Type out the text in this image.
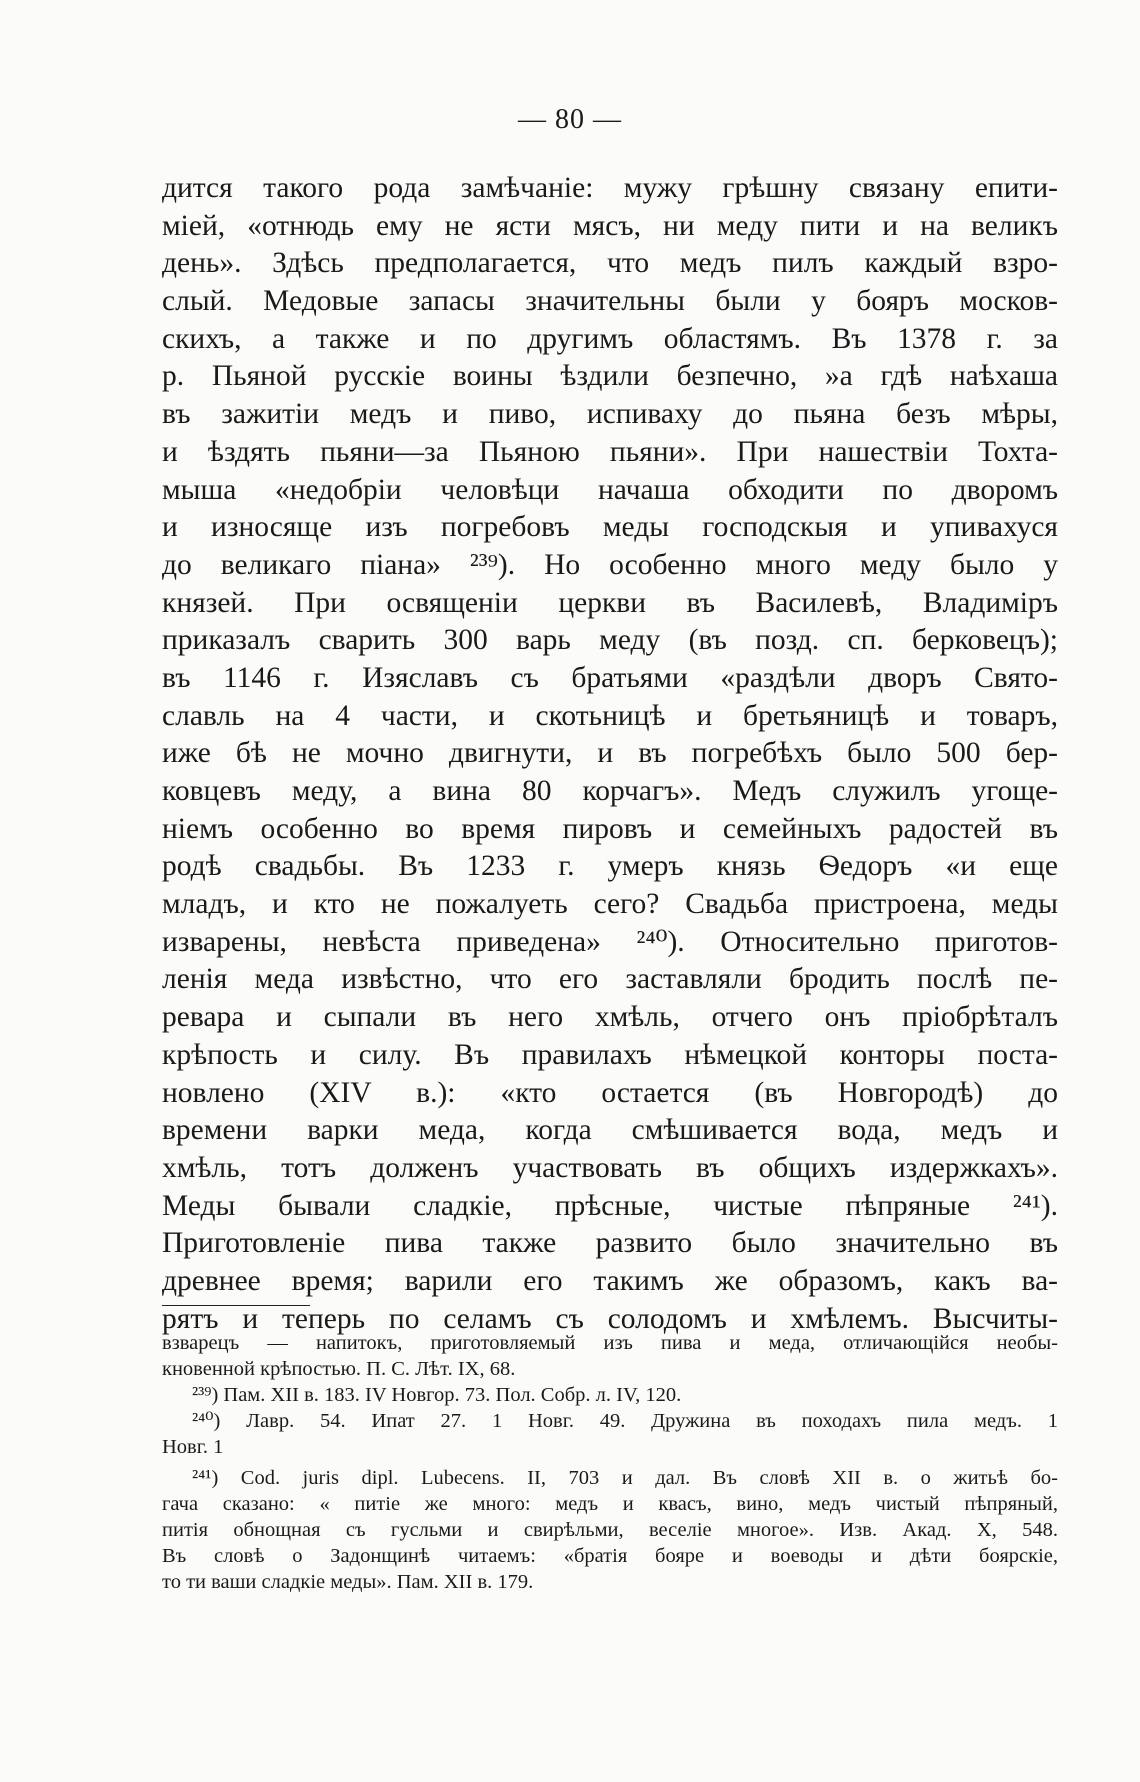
— 80 —
дится такого рода замѣчаніе: мужу грѣшну связану епити-
міей, «отнюдь ему не ясти мясъ, ни меду пити и на великъ
день». Здѣсь предполагается, что медъ пилъ каждый взро-
слый. Медовые запасы значительны были у бояръ москов-
скихъ, а также и по другимъ областямъ. Въ 1378 г. за
р. Пьяной русскіе воины ѣздили безпечно, »а гдѣ наѣхаша
въ зажитіи медъ и пиво, испиваху до пьяна безъ мѣры,
и ѣздять пьяни—за Пьяною пьяни». При нашествіи Тохта-
мыша «недобріи человѣци начаша обходити по дворомъ
и износяще изъ погребовъ меды господскыя и упивахуся
до великаго піана» ²³⁹). Но особенно много меду было у
князей. При освященіи церкви въ Василевѣ, Владиміръ
приказалъ сварить 300 варь меду (въ позд. сп. берковецъ);
въ 1146 г. Изяславъ съ братьями «раздѣли дворъ Свято-
славль на 4 части, и скотьницѣ и бретьяницѣ и товаръ,
иже бѣ не мочно двигнути, и въ погребѣхъ было 500 бер-
ковцевъ меду, а вина 80 корчагъ». Медъ служилъ угоще-
ніемъ особенно во время пировъ и семейныхъ радостей въ
родѣ свадьбы. Въ 1233 г. умеръ князь Ѳедоръ «и еще
младъ, и кто не пожалуеть сего? Свадьба пристроена, меды
изварены, невѣста приведена» ²⁴⁰). Относительно приготов-
ленія меда извѣстно, что его заставляли бродить послѣ пе-
ревара и сыпали въ него хмѣль, отчего онъ пріобрѣталъ
крѣпость и силу. Въ правилахъ нѣмецкой конторы поста-
новлено (XIV в.): «кто остается (въ Новгородѣ) до
времени варки меда, когда смѣшивается вода, медъ и
хмѣль, тотъ долженъ участвовать въ общихъ издержкахъ».
Меды бывали сладкіе, прѣсные, чистые пѣпряные ²⁴¹).
Приготовленіе пива также развито было значительно въ
древнее время; варили его такимъ же образомъ, какъ ва-
рятъ и теперь по селамъ съ солодомъ и хмѣлемъ. Высчиты-
взварецъ — напитокъ, приготовляемый изъ пива и меда, отличающійся необы-
кновенной крѣпостью. П. С. Лѣт. IX, 68.
²³⁹) Пам. XII в. 183. IV Новгор. 73. Пол. Собр. л. IV, 120.
²⁴⁰) Лавр. 54. Ипат 27. 1 Новг. 49. Дружина въ походахъ пила медъ. 1
Новг. 1
²⁴¹) Cod. juris dipl. Lubecens. II, 703 и дал. Въ словѣ XII в. о житьѣ бо-
гача сказано: « питіе же много: медъ и квасъ, вино, медъ чистый пѣпряный,
питія обнощная съ гусльми и свирѣльми, веселіе многое». Изв. Акад. X, 548.
Въ словѣ о Задонщинѣ читаемъ: «братія бояре и воеводы и дѣти боярскіе,
то ти ваши сладкіе меды». Пам. XII в. 179.
